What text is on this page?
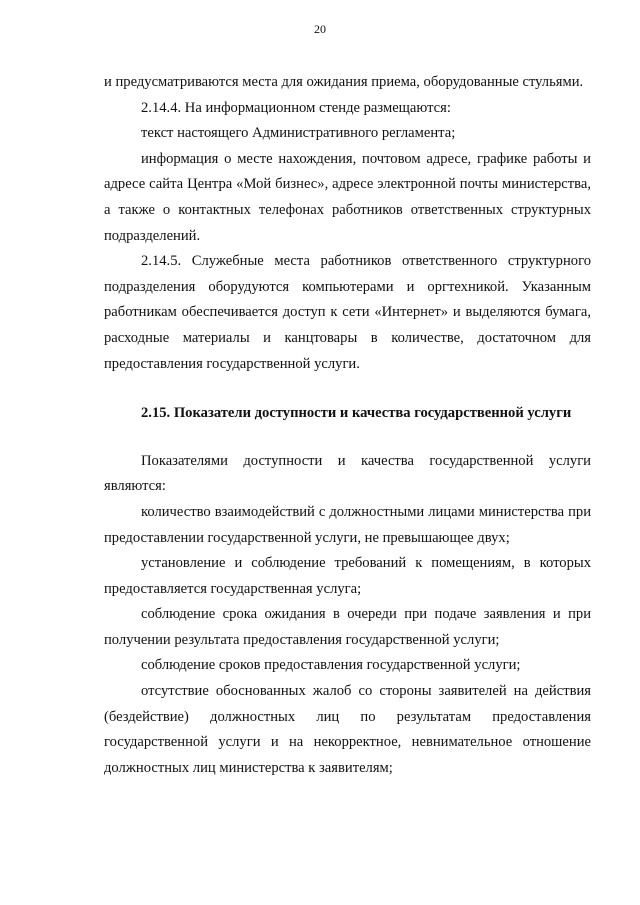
20

и предусматриваются места для ожидания приема, оборудованные стульями.

2.14.4. На информационном стенде размещаются:

текст настоящего Административного регламента;

информация о месте нахождения, почтовом адресе, графике работы и адресе сайта Центра «Мой бизнес», адресе электронной почты министерства, а также о контактных телефонах работников ответственных структурных подразделений.

2.14.5. Служебные места работников ответственного структурного подразделения оборудуются компьютерами и оргтехникой. Указанным работникам обеспечивается доступ к сети «Интернет» и выделяются бумага, расходные материалы и канцтовары в количестве, достаточном для предоставления государственной услуги.

2.15. Показатели доступности и качества государственной услуги

Показателями доступности и качества государственной услуги являются:

количество взаимодействий с должностными лицами министерства при предоставлении государственной услуги, не превышающее двух;

установление и соблюдение требований к помещениям, в которых предоставляется государственная услуга;

соблюдение срока ожидания в очереди при подаче заявления и при получении результата предоставления государственной услуги;

соблюдение сроков предоставления государственной услуги;

отсутствие обоснованных жалоб со стороны заявителей на действия (бездействие) должностных лиц по результатам предоставления государственной услуги и на некорректное, невнимательное отношение должностных лиц министерства к заявителям;
